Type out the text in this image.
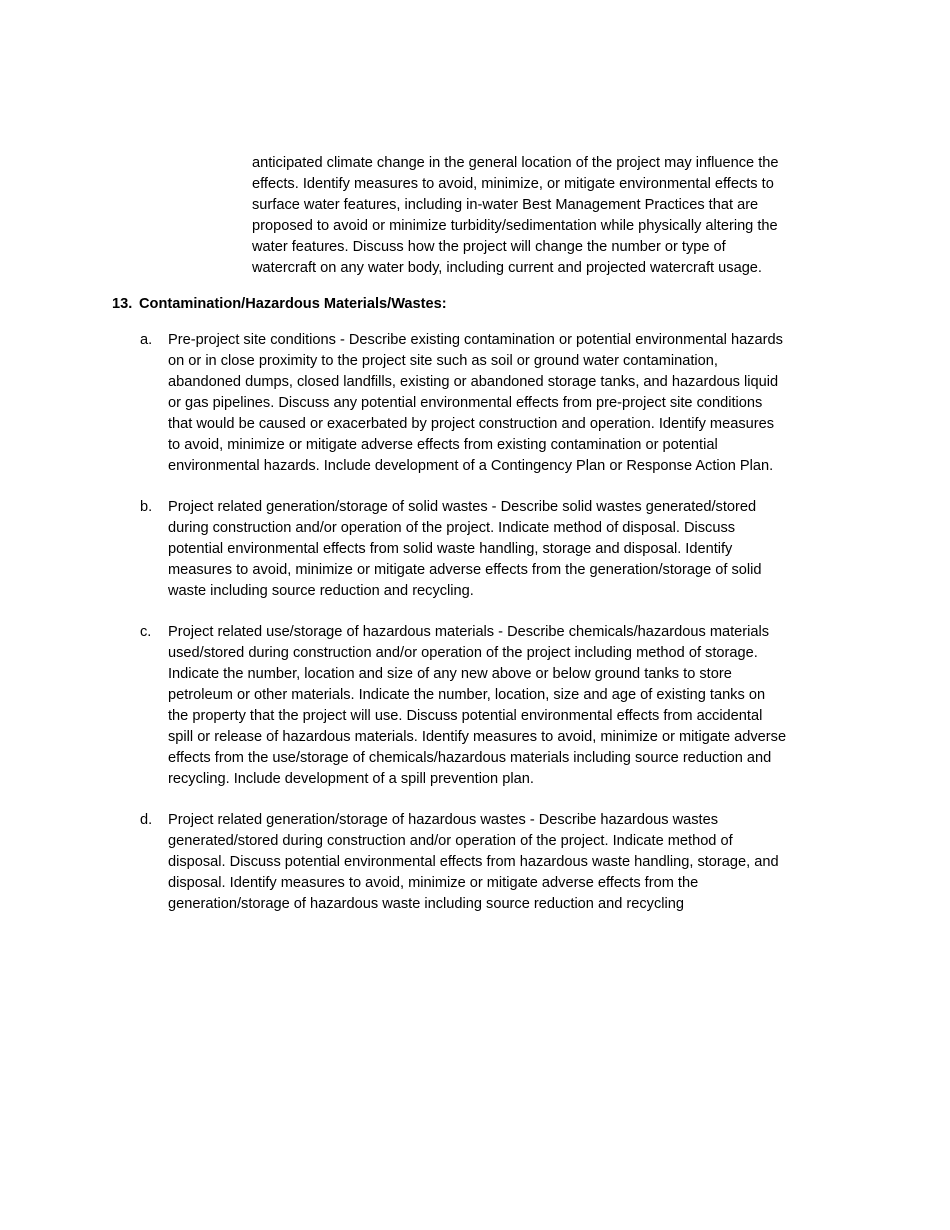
anticipated climate change in the general location of the project may influence the
effects. Identify measures to avoid, minimize, or mitigate environmental effects to
surface water features, including in-water Best Management Practices that are
proposed to avoid or minimize turbidity/sedimentation while physically altering the
water features. Discuss how the project will change the number or type of
watercraft on any water body, including current and projected watercraft usage.
13. Contamination/Hazardous Materials/Wastes:
a.	Pre-project site conditions - Describe existing contamination or potential environmental hazards
on or in close proximity to the project site such as soil or ground water contamination,
abandoned dumps, closed landfills, existing or abandoned storage tanks, and hazardous liquid
or gas pipelines. Discuss any potential environmental effects from pre-project site conditions
that would be caused or exacerbated by project construction and operation. Identify measures
to avoid, minimize or mitigate adverse effects from existing contamination or potential
environmental hazards. Include development of a Contingency Plan or Response Action Plan.
b.	Project related generation/storage of solid wastes - Describe solid wastes generated/stored
during construction and/or operation of the project. Indicate method of disposal. Discuss
potential environmental effects from solid waste handling, storage and disposal. Identify
measures to avoid, minimize or mitigate adverse effects from the generation/storage of solid
waste including source reduction and recycling.
c.	Project related use/storage of hazardous materials - Describe chemicals/hazardous materials
used/stored during construction and/or operation of the project including method of storage.
Indicate the number, location and size of any new above or below ground tanks to store
petroleum or other materials. Indicate the number, location, size and age of existing tanks on
the property that the project will use. Discuss potential environmental effects from accidental
spill or release of hazardous materials. Identify measures to avoid, minimize or mitigate adverse
effects from the use/storage of chemicals/hazardous materials including source reduction and
recycling. Include development of a spill prevention plan.
d.	Project related generation/storage of hazardous wastes - Describe hazardous wastes
generated/stored during construction and/or operation of the project. Indicate method of
disposal. Discuss potential environmental effects from hazardous waste handling, storage, and
disposal. Identify measures to avoid, minimize or mitigate adverse effects from the
generation/storage of hazardous waste including source reduction and recycling
